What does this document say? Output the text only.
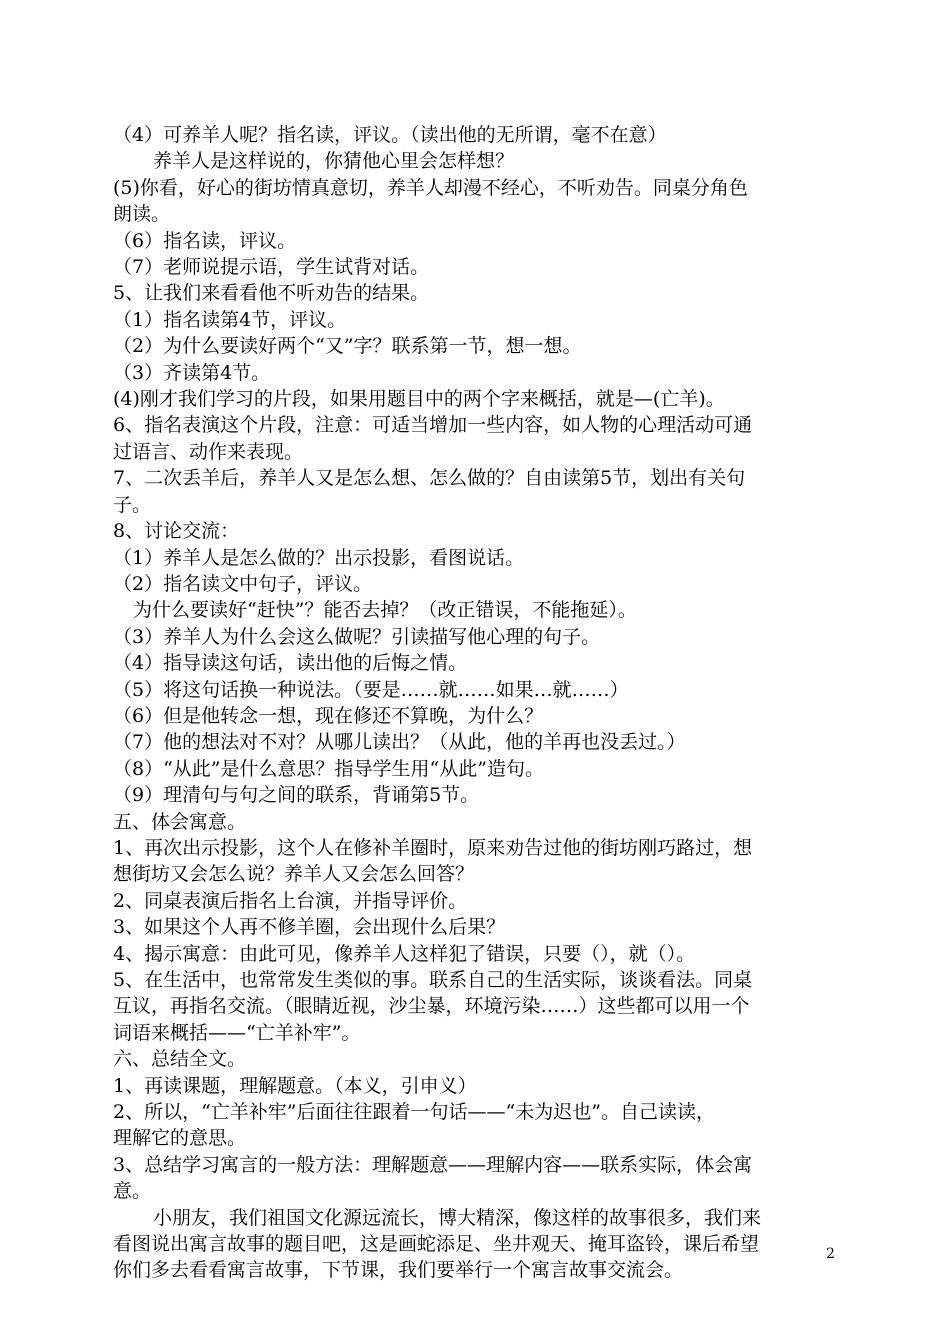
（4）可养羊人呢？指名读，评议。（读出他的无所谓，毫不在意）
养羊人是这样说的，你猜他心里会怎样想？
(5)你看，好心的街坊情真意切，养羊人却漫不经心，不听劝告。同桌分角色
朗读。
（6）指名读，评议。
（7）老师说提示语，学生试背对话。
5、让我们来看看他不听劝告的结果。
（1）指名读第4节，评议。
（2）为什么要读好两个“又”字？联系第一节，想一想。
（3）齐读第4节。
(4)刚才我们学习的片段，如果用题目中的两个字来概括，就是—(亡羊)。
6、指名表演这个片段，注意：可适当增加一些内容，如人物的心理活动可通
过语言、动作来表现。
7、二次丢羊后，养羊人又是怎么想、怎么做的？自由读第5节，划出有关句
子。
8、讨论交流：
（1）养羊人是怎么做的？出示投影，看图说话。
（2）指名读文中句子，评议。
为什么要读好“赶快”？能否去掉？（改正错误，不能拖延）。
（3）养羊人为什么会这么做呢？引读描写他心理的句子。
（4）指导读这句话，读出他的后悔之情。
（5）将这句话换一种说法。（要是……就……如果…就……）
（6）但是他转念一想，现在修还不算晚，为什么？
（7）他的想法对不对？从哪儿读出？（从此，他的羊再也没丢过。）
（8）“从此”是什么意思？指导学生用“从此”造句。
（9）理清句与句之间的联系，背诵第5节。
五、体会寓意。
1、再次出示投影，这个人在修补羊圈时，原来劝告过他的街坊刚巧路过，想
想街坊又会怎么说？养羊人又会怎么回答？
2、同桌表演后指名上台演，并指导评价。
3、如果这个人再不修羊圈，会出现什么后果？
4、揭示寓意：由此可见，像养羊人这样犯了错误，只要（），就（）。
5、在生活中，也常常发生类似的事。联系自己的生活实际，谈谈看法。同桌
互议，再指名交流。（眼睛近视，沙尘暴，环境污染……）这些都可以用一个
词语来概括——“亡羊补牢”。
六、总结全文。
1、再读课题，理解题意。（本义，引申义）
2、所以，“亡羊补牢”后面往往跟着一句话——“未为迟也”。自己读读，
理解它的意思。
3、总结学习寓言的一般方法：理解题意——理解内容——联系实际，体会寓
意。
小朋友，我们祖国文化源远流长，博大精深，像这样的故事很多，我们来
看图说出寓言故事的题目吧，这是画蛇添足、坐井观天、掩耳盗铃，课后希望
你们多去看看寓言故事，下节课，我们要举行一个寓言故事交流会。
2
